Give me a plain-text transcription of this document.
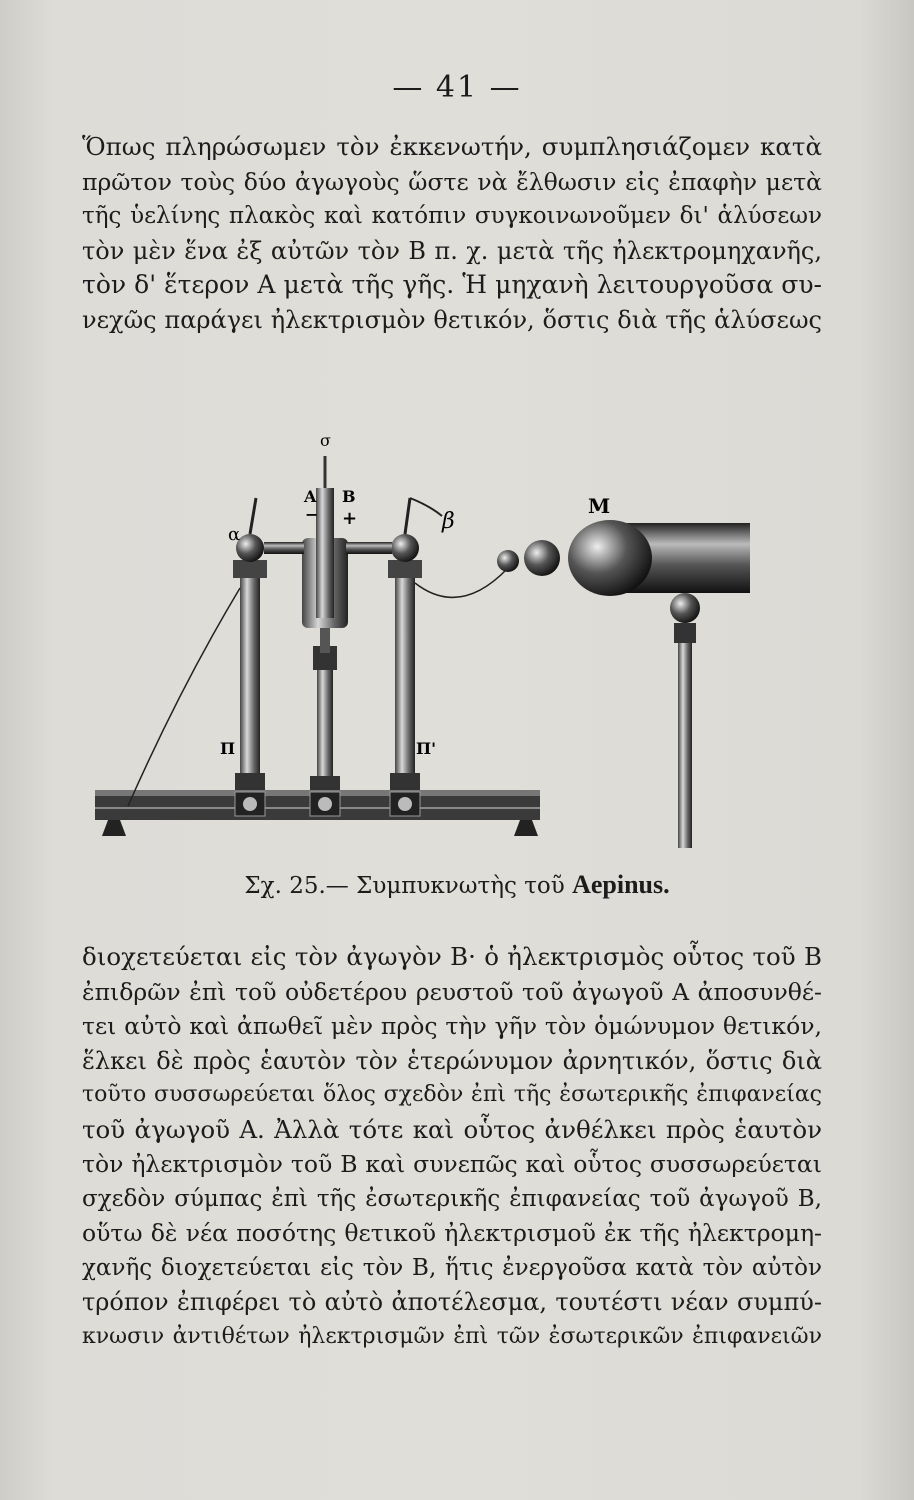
— 41 —
Ὅπως πληρώσωμεν τὸν ἐκκενωτήν, συμπλησιάζομεν κατὰ
πρῶτον τοὺς δύο ἀγωγοὺς ὥστε νὰ ἔλθωσιν εἰς ἐπαφὴν μετὰ
τῆς ὑελίνης πλακὸς καὶ κατόπιν συγκοινωνοῦμεν δι' ἁλύσεων
τὸν μὲν ἕνα ἐξ αὐτῶν τὸν Β π. χ. μετὰ τῆς ἠλεκτρομηχανῆς,
τὸν δ' ἕτερον Α μετὰ τῆς γῆς. Ἡ μηχανὴ λειτουργοῦσα συ-
νεχῶς παράγει ἠλεκτρισμὸν θετικόν, ὅστις διὰ τῆς ἁλύσεως
σ
α
β
Α Β
− +
Μ
Π	Π'
Σχ. 25.— Συμπυκνωτὴς τοῦ Aepinus.
διοχετεύεται εἰς τὸν ἀγωγὸν Β· ὁ ἠλεκτρισμὸς οὗτος τοῦ Β
ἐπιδρῶν ἐπὶ τοῦ οὐδετέρου ρευστοῦ τοῦ ἀγωγοῦ Α ἀποσυνθέ-
τει αὐτὸ καὶ ἀπωθεῖ μὲν πρὸς τὴν γῆν τὸν ὁμώνυμον θετικόν,
ἕλκει δὲ πρὸς ἑαυτὸν τὸν ἑτερώνυμον ἀρνητικόν, ὅστις διὰ
τοῦτο συσσωρεύεται ὅλος σχεδὸν ἐπὶ τῆς ἐσωτερικῆς ἐπιφανείας
τοῦ ἀγωγοῦ Α. Ἀλλὰ τότε καὶ οὗτος ἀνθέλκει πρὸς ἑαυτὸν
τὸν ἠλεκτρισμὸν τοῦ Β καὶ συνεπῶς καὶ οὗτος συσσωρεύεται
σχεδὸν σύμπας ἐπὶ τῆς ἐσωτερικῆς ἐπιφανείας τοῦ ἀγωγοῦ Β,
οὕτω δὲ νέα ποσότης θετικοῦ ἠλεκτρισμοῦ ἐκ τῆς ἠλεκτρομη-
χανῆς διοχετεύεται εἰς τὸν Β, ἥτις ἐνεργοῦσα κατὰ τὸν αὐτὸν
τρόπον ἐπιφέρει τὸ αὐτὸ ἀποτέλεσμα, τουτέστι νέαν συμπύ-
κνωσιν ἀντιθέτων ἠλεκτρισμῶν ἐπὶ τῶν ἐσωτερικῶν ἐπιφανειῶν
